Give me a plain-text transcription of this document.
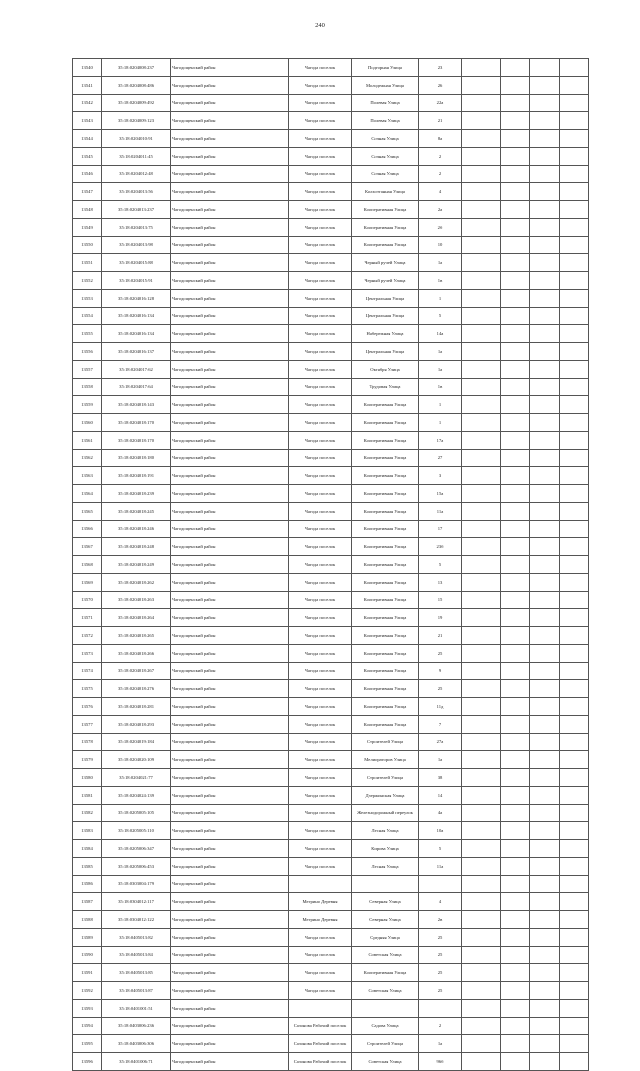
240
13540	35:18:0204008:237	Чагодощенский район	Чагода поселок	Подгорная Улица	23				
13541	35:18:0204008:486	Чагодощенский район	Чагода поселок	Молодежная Улица	26				
13542	35:18:0204009:492	Чагодощенский район	Чагода поселок	Полевая Улица	22а				
13543	35:18:0204009:123	Чагодощенский район	Чагода поселок	Полевая Улица	21				
13544	35:18:0204010:91	Чагодощенский район	Чагода поселок	Сочная Улица	8а				
13545	35:18:0204011:45	Чагодощенский район	Чагода поселок	Сочная Улица	2				
13546	35:18:0204012:48	Чагодощенский район	Чагода поселок	Сочная Улица	2				
13547	35:18:0204013:56	Чагодощенский район	Чагода поселок	Колхозтанная Улица	4				
13548	35:18:0204013:237	Чагодощенский район	Чагода поселок	Кооперативная Улица	2а				
13549	35:18:0204013:75	Чагодощенский район	Чагода поселок	Кооперативная Улица	2б				
13550	35:18:0204013:98	Чагодощенский район	Чагода поселок	Кооперативная Улица	10				
13551	35:18:0204015:88	Чагодощенский район	Чагода поселок	Черный ручей Улица	1а				
13552	35:18:0204015:91	Чагодощенский район	Чагода поселок	Черный ручей Улица	1в				
13553	35:18:0204016:128	Чагодощенский район	Чагода поселок	Центральная Улица	1				
13554	35:18:0204016:134	Чагодощенский район	Чагода поселок	Центральная Улица	5				
13555	35:18:0204016:134	Чагодощенский район	Чагода поселок	Набережная Улица	14а				
13556	35:18:0204016:137	Чагодощенский район	Чагода поселок	Центральная Улица	1а				
13557	35:18:0204017:62	Чагодощенский район	Чагода поселок	Октября Улица	1а				
13558	35:18:0204017:64	Чагодощенский район	Чагода поселок	Трудовая Улица	1в				
13559	35:18:0204018:143	Чагодощенский район	Чагода поселок	Кооперативная Улица	1				
13560	35:18:0204018:170	Чагодощенский район	Чагода поселок	Кооперативная Улица	1				
13561	35:18:0204018:170	Чагодощенский район	Чагода поселок	Кооперативная Улица	17а				
13562	35:18:0204018:180	Чагодощенский район	Чагода поселок	Кооперативная Улица	27				
13563	35:18:0204018:191	Чагодощенский район	Чагода поселок	Кооперативная Улица	3				
13564	35:18:0204018:239	Чагодощенский район	Чагода поселок	Кооперативная Улица	15а				
13565	35:18:0204018:245	Чагодощенский район	Чагода поселок	Кооперативная Улица	11а				
13566	35:18:0204018:246	Чагодощенский район	Чагода поселок	Кооперативная Улица	17				
13567	35:18:0204018:248	Чагодощенский район	Чагода поселок	Кооперативная Улица	23б				
13568	35:18:0204018:249	Чагодощенский район	Чагода поселок	Кооперативная Улица	5				
13569	35:18:0204018:262	Чагодощенский район	Чагода поселок	Кооперативная Улица	13				
13570	35:18:0204018:263	Чагодощенский район	Чагода поселок	Кооперативная Улица	15				
13571	35:18:0204018:264	Чагодощенский район	Чагода поселок	Кооперативная Улица	19				
13572	35:18:0204018:265	Чагодощенский район	Чагода поселок	Кооперативная Улица	21				
13573	35:18:0204018:266	Чагодощенский район	Чагода поселок	Кооперативная Улица	25				
13574	35:18:0204018:267	Чагодощенский район	Чагода поселок	Кооперативная Улица	9				
13575	35:18:0204018:276	Чагодощенский район	Чагода поселок	Кооперативная Улица	25				
13576	35:18:0204018:281	Чагодощенский район	Чагода поселок	Кооперативная Улица	11д				
13577	35:18:0204018:293	Чагодощенский район	Чагода поселок	Кооперативная Улица	7				
13578	35:18:0204019:184	Чагодощенский район	Чагода поселок	Строителей Улица	27а				
13579	35:18:0204020:109	Чагодощенский район	Чагода поселок	Мелиораторов Улица	1а				
13580	35:18:0204021:77	Чагодощенский район	Чагода поселок	Строителей Улица	38				
13581	35:18:0204024:139	Чагодощенский район	Чагода поселок	Дзержинская Улица	14				
13582	35:18:0205005:105	Чагодощенский район	Чагода поселок	Железнодорожный переулок	4а				
13583	35:18:0205005:110	Чагодощенский район	Чагода поселок	Лесная Улица	10а				
13584	35:18:0205006:347	Чагодощенский район	Чагода поселок	Кирова Улица	5				
13585	35:18:0205006:453	Чагодощенский район	Чагода поселок	Лесная Улица	11а				
13586	35:18:0303004:179	Чагодощенский район							
13587	35:18:0304012:117	Чагодощенский район	Мегрино Деревня	Северная Улица	4				
13588	35:18:0304012:122	Чагодощенский район	Мегрино Деревня	Северная Улица	2в				
13589	35:18:0405013:82	Чагодощенский район	Чагода поселок	Средняя Улица	25				
13590	35:18:0405013:84	Чагодощенский район	Чагода поселок	Советская Улица	25				
13591	35:18:0405013:85	Чагодощенский район	Чагода поселок	Кооперативная Улица	25				
13592	35:18:0405013:87	Чагодощенский район	Чагода поселок	Советская Улица	25				
13593	35:18:0401001:51	Чагодощенский район							
13594	35:18:0403006:236	Чагодощенский район	Сазонова Рабочий поселок	Садова Улица	2				
13595	35:18:0403006:306	Чагодощенский район	Сазонова Рабочий поселок	Строителей Улица	1а				
13596	35:18:0401006:71	Чагодощенский район	Сазонова Рабочий поселок	Советская Улица	96б				
